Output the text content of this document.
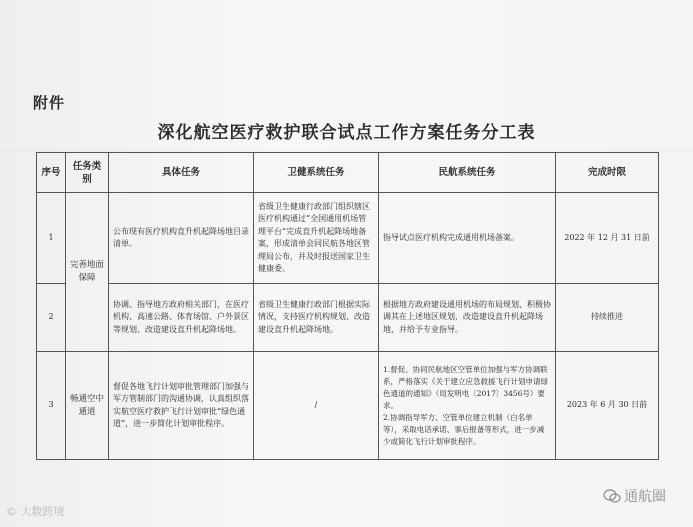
附件
深化航空医疗救护联合试点工作方案任务分工表
序号	任务类别	具体任务	卫健系统任务	民航系统任务	完成时限
1	完善地面保障	公布现有医疗机构直升机起降场地目录清单。	省级卫生健康行政部门组织辖区医疗机构通过“全国通用机场管理平台”完成直升机起降场地备案，形成清单会同民航各地区管理局公布，并及时报送国家卫生健康委。	指导试点医疗机构完成通用机场备案。	2022 年 12 月 31 日前
2		协调、指导地方政府相关部门，在医疗机构、高速公路、体育场馆、户外景区等规划、改造建设直升机起降场地。	省级卫生健康行政部门根据实际情况，支持医疗机构规划、改造建设直升机起降场地。	根据地方政府建设通用机场的布局规划，积极协调其在上述地区规划，改造建设直升机起降场地，并给予专业指导。	持续推进
3	畅通空中通道	督促各地飞行计划审批管理部门加强与军方管制部门的沟通协调，认真组织落实航空医疗救护飞行计划审批“绿色通道”，进一步简化计划审批程序。	/	1.督促、协同民航地区空管单位加强与军方协调联系，严格落实《关于建立应急救援飞行计划申请绿色通道的通知》（局发明电〔2017〕3456号）要求。
2.协调指导军方、空管单位建立机制（白名单等），采取电话承诺、事后报备等形式，进一步减少或简化飞行计划审批程序。	2023 年 6 月 30 日前
© 大数跨境
通航圈
